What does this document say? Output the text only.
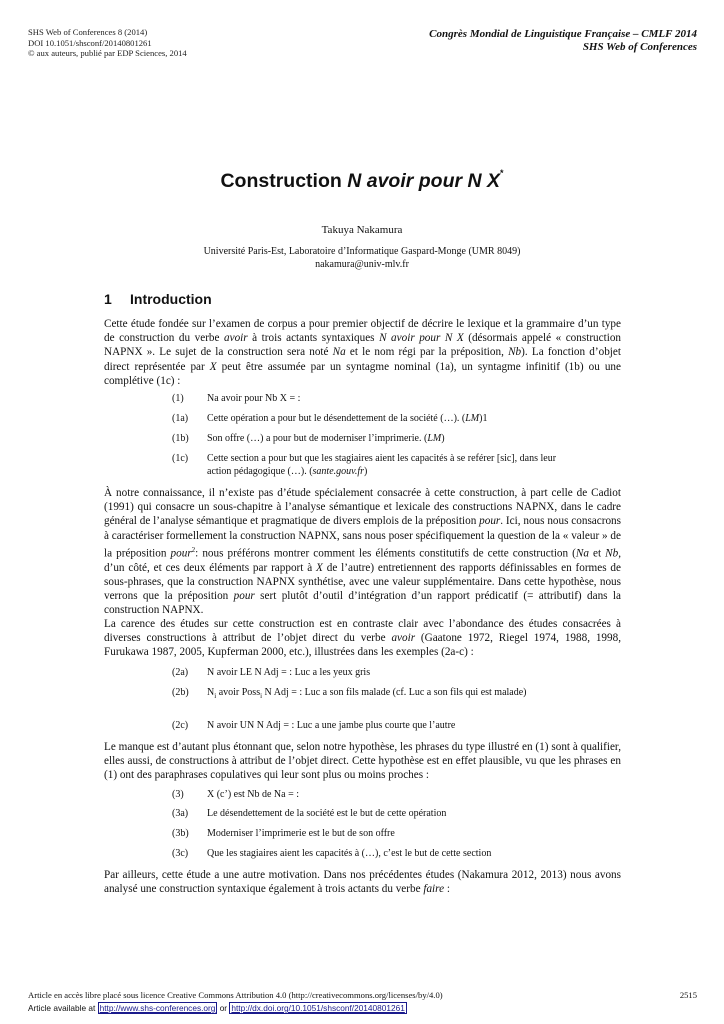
SHS Web of Conferences 8 (2014)
DOI 10.1051/shsconf/20140801261
© aux auteurs, publié par EDP Sciences, 2014
Congrès Mondial de Linguistique Française – CMLF 2014
SHS Web of Conferences
Construction N avoir pour N X*
Takuya Nakamura
Université Paris-Est, Laboratoire d’Informatique Gaspard-Monge (UMR 8049)
nakamura@univ-mlv.fr
1 Introduction
Cette étude fondée sur l’examen de corpus a pour premier objectif de décrire le lexique et la grammaire d’un type de construction du verbe avoir à trois actants syntaxiques N avoir pour N X (désormais appelé « construction NAPNX ». Le sujet de la construction sera noté Na et le nom régi par la préposition, Nb). La fonction d’objet direct représentée par X peut être assumée par un syntagme nominal (1a), un syntagme infinitif (1b) ou une complétive (1c) :
(1)	Na avoir pour Nb X = :
(1a)	Cette opération a pour but le désendettement de la société (…). (LM)1
(1b)	Son offre (…) a pour but de moderniser l’imprimerie. (LM)
(1c)	Cette section a pour but que les stagiaires aient les capacités à se reférer [sic], dans leur action pédagogique (…). (sante.gouv.fr)
À notre connaissance, il n’existe pas d’étude spécialement consacrée à cette construction, à part celle de Cadiot (1991) qui consacre un sous-chapitre à l’analyse sémantique et lexicale des constructions NAPNX, dans le cadre général de l’analyse sémantique et pragmatique de divers emplois de la préposition pour. Ici, nous nous consacrons à caractériser formellement la construction NAPNX, sans nous poser spécifiquement la question de la « valeur » de la préposition pour$^2$: nous préférons montrer comment les éléments constitutifs de cette construction (Na et Nb, d’un côté, et ces deux éléments par rapport à X de l’autre) entretiennent des rapports définissables en formes de sous-phrases, que la construction NAPNX synthétise, avec une valeur supplémentaire. Dans cette hypothèse, nous verrons que la préposition pour sert plutôt d’outil d’intégration d’un rapport prédicatif (= attributif) dans la construction NAPNX.
La carence des études sur cette construction est en contraste clair avec l’abondance des études consacrées à diverses constructions à attribut de l’objet direct du verbe avoir (Gaatone 1972, Riegel 1974, 1988, 1998, Furukawa 1987, 2005, Kupferman 2000, etc.), illustrées dans les exemples (2a-c) :
(2a)	N avoir LE N Adj = : Luc a les yeux gris
(2b)	$N_i$ avoir Poss$_i$ N Adj = : Luc a son fils malade (cf. Luc a son fils qui est malade)
(2c)	N avoir UN N Adj = : Luc a une jambe plus courte que l’autre
Le manque est d’autant plus étonnant que, selon notre hypothèse, les phrases du type illustré en (1) sont à qualifier, elles aussi, de constructions à attribut de l’objet direct. Cette hypothèse est en effet plausible, vu que les phrases en (1) ont des paraphrases copulatives qui leur sont plus ou moins proches :
(3)	X (c’) est Nb de Na = :
(3a)	Le désendettement de la société est le but de cette opération
(3b)	Moderniser l’imprimerie est le but de son offre
(3c)	Que les stagiaires aient les capacités à (…), c’est le but de cette section
Par ailleurs, cette étude a une autre motivation. Dans nos précédentes études (Nakamura 2012, 2013) nous avons analysé une construction syntaxique également à trois actants du verbe faire :
Article en accès libre placé sous licence Creative Commons Attribution 4.0 (http://creativecommons.org/licenses/by/4.0)	2515
Article available at http://www.shs-conferences.org or http://dx.doi.org/10.1051/shsconf/20140801261
